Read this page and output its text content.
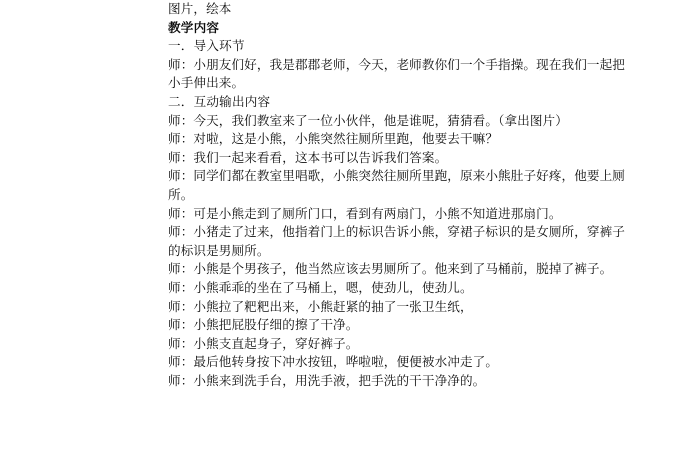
图片，绘本
教学内容
一．导入环节
师：小朋友们好，我是郡郡老师，今天，老师教你们一个手指操。现在我们一起把小手伸出来。
二．互动输出内容
师：今天，我们教室来了一位小伙伴，他是谁呢，猜猜看。（拿出图片）
师：对啦，这是小熊，小熊突然往厕所里跑，他要去干嘛？
师：我们一起来看看，这本书可以告诉我们答案。
师：同学们都在教室里唱歌，小熊突然往厕所里跑，原来小熊肚子好疼，他要上厕所。
师：可是小熊走到了厕所门口，看到有两扇门，小熊不知道进那扇门。
师：小猪走了过来，他指着门上的标识告诉小熊，穿裙子标识的是女厕所，穿裤子的标识是男厕所。
师：小熊是个男孩子，他当然应该去男厕所了。他来到了马桶前，脱掉了裤子。
师：小熊乖乖的坐在了马桶上，嗯，使劲儿，使劲儿。
师：小熊拉了粑粑出来，小熊赶紧的抽了一张卫生纸，
师：小熊把屁股仔细的擦了干净。
师：小熊支直起身子，穿好裤子。
师：最后他转身按下冲水按钮，哗啦啦，便便被水冲走了。
师：小熊来到洗手台，用洗手液，把手洗的干干净净的。
